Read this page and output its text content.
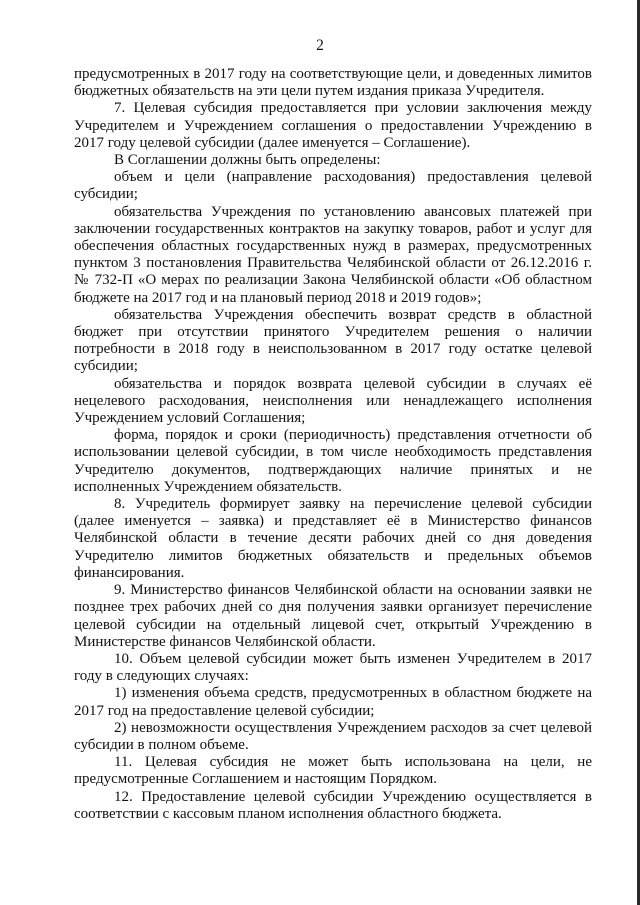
2

предусмотренных в 2017 году на соответствующие цели, и доведенных лимитов бюджетных обязательств на эти цели путем издания приказа Учредителя.

7. Целевая субсидия предоставляется при условии заключения между Учредителем и Учреждением соглашения о предоставлении Учреждению в 2017 году целевой субсидии (далее именуется – Соглашение).

В Соглашении должны быть определены:

объем и цели (направление расходования) предоставления целевой субсидии;

обязательства Учреждения по установлению авансовых платежей при заключении государственных контрактов на закупку товаров, работ и услуг для обеспечения областных государственных нужд в размерах, предусмотренных пунктом 3 постановления Правительства Челябинской области от 26.12.2016 г. № 732-П «О мерах по реализации Закона Челябинской области «Об областном бюджете на 2017 год и на плановый период 2018 и 2019 годов»;

обязательства Учреждения обеспечить возврат средств в областной бюджет при отсутствии принятого Учредителем решения о наличии потребности в 2018 году в неиспользованном в 2017 году остатке целевой субсидии;

обязательства и порядок возврата целевой субсидии в случаях её нецелевого расходования, неисполнения или ненадлежащего исполнения Учреждением условий Соглашения;

форма, порядок и сроки (периодичность) представления отчетности об использовании целевой субсидии, в том числе необходимость представления Учредителю документов, подтверждающих наличие принятых и не исполненных Учреждением обязательств.

8. Учредитель формирует заявку на перечисление целевой субсидии (далее именуется – заявка) и представляет её в Министерство финансов Челябинской области в течение десяти рабочих дней со дня доведения Учредителю лимитов бюджетных обязательств и предельных объемов финансирования.

9. Министерство финансов Челябинской области на основании заявки не позднее трех рабочих дней со дня получения заявки организует перечисление целевой субсидии на отдельный лицевой счет, открытый Учреждению в Министерстве финансов Челябинской области.

10. Объем целевой субсидии может быть изменен Учредителем в 2017 году в следующих случаях:

1) изменения объема средств, предусмотренных в областном бюджете на 2017 год на предоставление целевой субсидии;

2) невозможности осуществления Учреждением расходов за счет целевой субсидии в полном объеме.

11. Целевая субсидия не может быть использована на цели, не предусмотренные Соглашением и настоящим Порядком.

12. Предоставление целевой субсидии Учреждению осуществляется в соответствии с кассовым планом исполнения областного бюджета.
